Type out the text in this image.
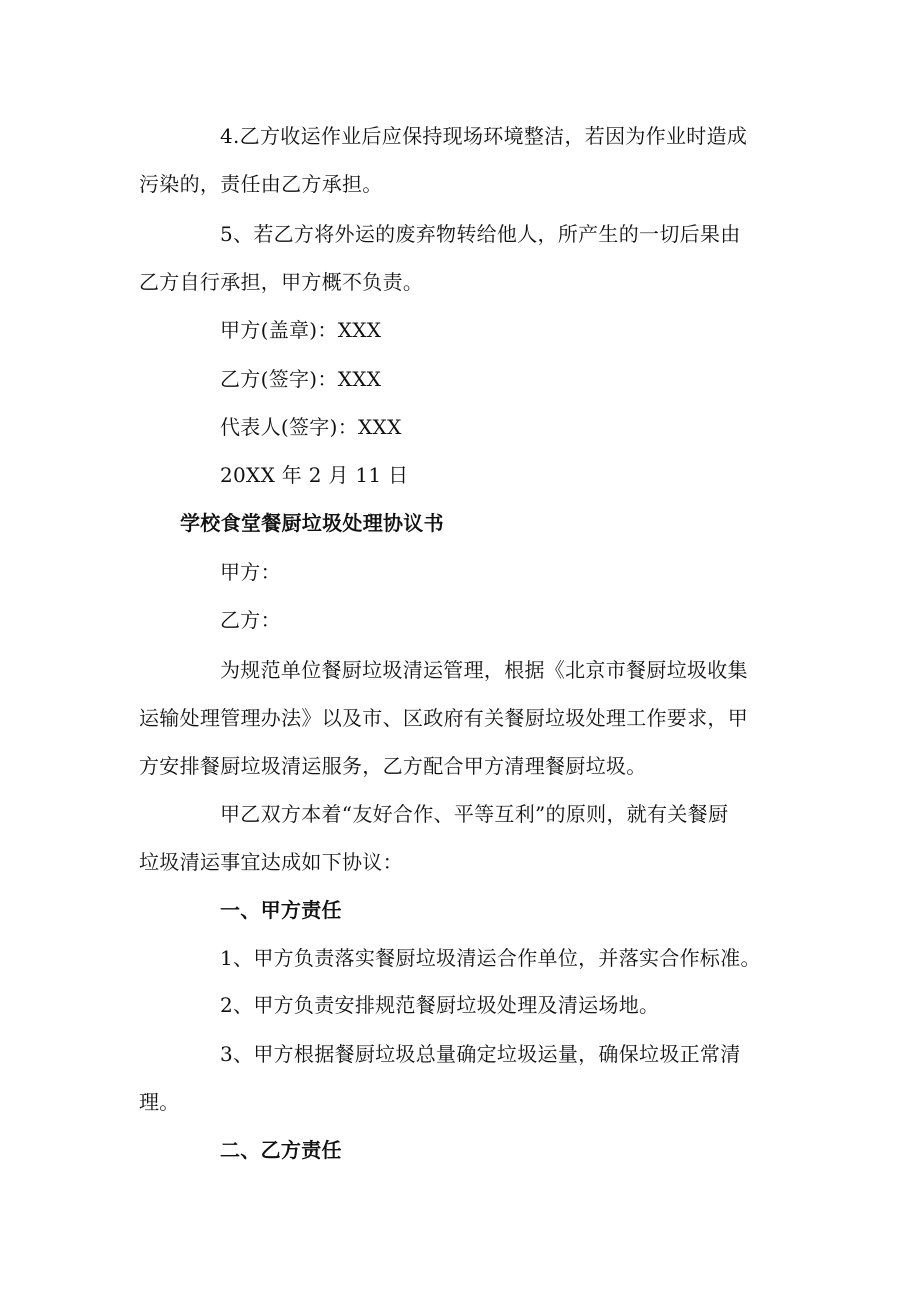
4.乙方收运作业后应保持现场环境整洁，若因为作业时造成
污染的，责任由乙方承担。
5、若乙方将外运的废弃物转给他人，所产生的一切后果由
乙方自行承担，甲方概不负责。
甲方(盖章)：XXX
乙方(签字)：XXX
代表人(签字)：XXX
20XX 年 2 月 11 日
学校食堂餐厨垃圾处理协议书
甲方：
乙方：
为规范单位餐厨垃圾清运管理，根据《北京市餐厨垃圾收集
运输处理管理办法》以及市、区政府有关餐厨垃圾处理工作要求，甲
方安排餐厨垃圾清运服务，乙方配合甲方清理餐厨垃圾。
甲乙双方本着“友好合作、平等互利”的原则，就有关餐厨
垃圾清运事宜达成如下协议：
一、甲方责任
1、甲方负责落实餐厨垃圾清运合作单位，并落实合作标准。
2、甲方负责安排规范餐厨垃圾处理及清运场地。
3、甲方根据餐厨垃圾总量确定垃圾运量，确保垃圾正常清
理。
二、乙方责任
